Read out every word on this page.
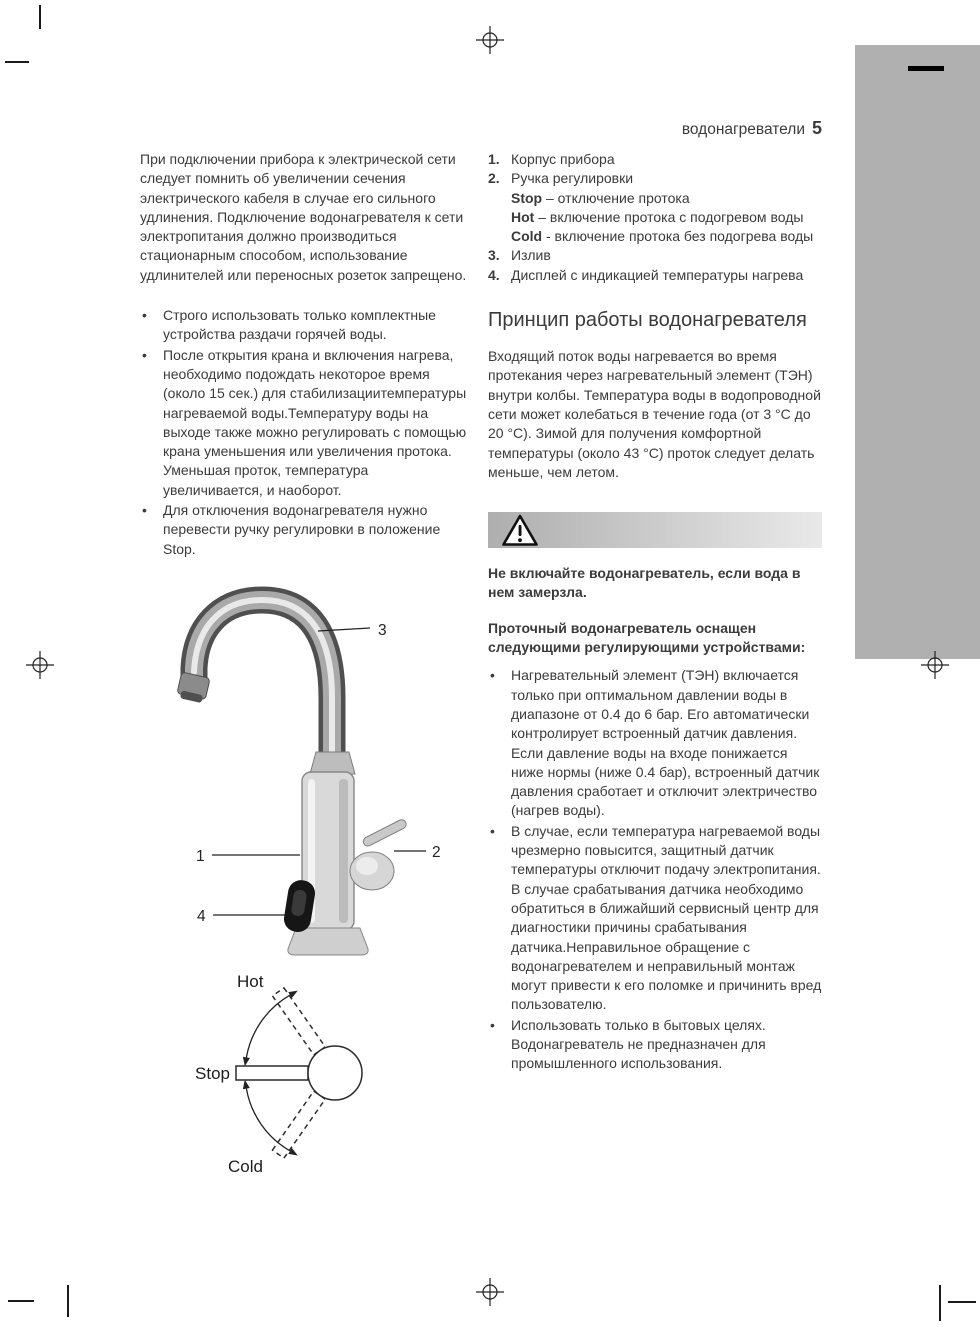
водонагреватели 5

При подключении прибора к электрической сети следует помнить об увеличении сечения электрического кабеля в случае его сильного удлинения. Подключение водонагревателя к сети электропитания должно производиться стационарным способом, использование удлинителей или переносных розеток запрещено.

•	Строго использовать только комплектные устройства раздачи горячей воды.
•	После открытия крана и включения нагрева, необходимо подождать некоторое время (около 15 сек.) для стабилизациитемпературы нагреваемой воды.Температуру воды на выходе также можно регулировать с помощью крана уменьшения или увеличения протока. Уменьшая проток, температура увеличивается, и наоборот.
•	Для отключения водонагревателя нужно перевести ручку регулировки в положение Stop.
3
1	2
4
Hot
Stop
Cold
1. Корпус прибора
2. Ручка регулировки
Stop – отключение протока
Hot – включение протока с подогревом воды
Cold - включение протока без подогрева воды
3. Излив
4. Дисплей с индикацией температуры нагрева
Принцип работы водонагревателя

Входящий поток воды нагревается во время протекания через нагревательный элемент (ТЭН) внутри колбы. Температура воды в водопроводной сети может колебаться в течение года (от 3 °С до 20 °С). Зимой для получения комфортной температуры (около 43 °С) проток следует делать меньше, чем летом.

Не включайте водонагреватель, если вода в нем замерзла.

Проточный водонагреватель оснащен следующими регулирующими устройствами:

•	Нагревательный элемент (ТЭН) включается только при оптимальном давлении воды в диапазоне от 0.4 до 6 бар. Его автоматически контролирует встроенный датчик давления. Если давление воды на входе понижается ниже нормы (ниже 0.4 бар), встроенный датчик давления сработает и отключит электричество (нагрев воды).
•	В случае, если температура нагреваемой воды чрезмерно повысится, защитный датчик температуры отключит подачу электропитания. В случае срабатывания датчика необходимо обратиться в ближайший сервисный центр для диагностики причины срабатывания датчика.Неправильное обращение с водонагревателем и неправильный монтаж могут привести к его поломке и причинить вред пользователю.
•	Использовать только в бытовых целях. Водонагреватель не предназначен для промышленного использования.
